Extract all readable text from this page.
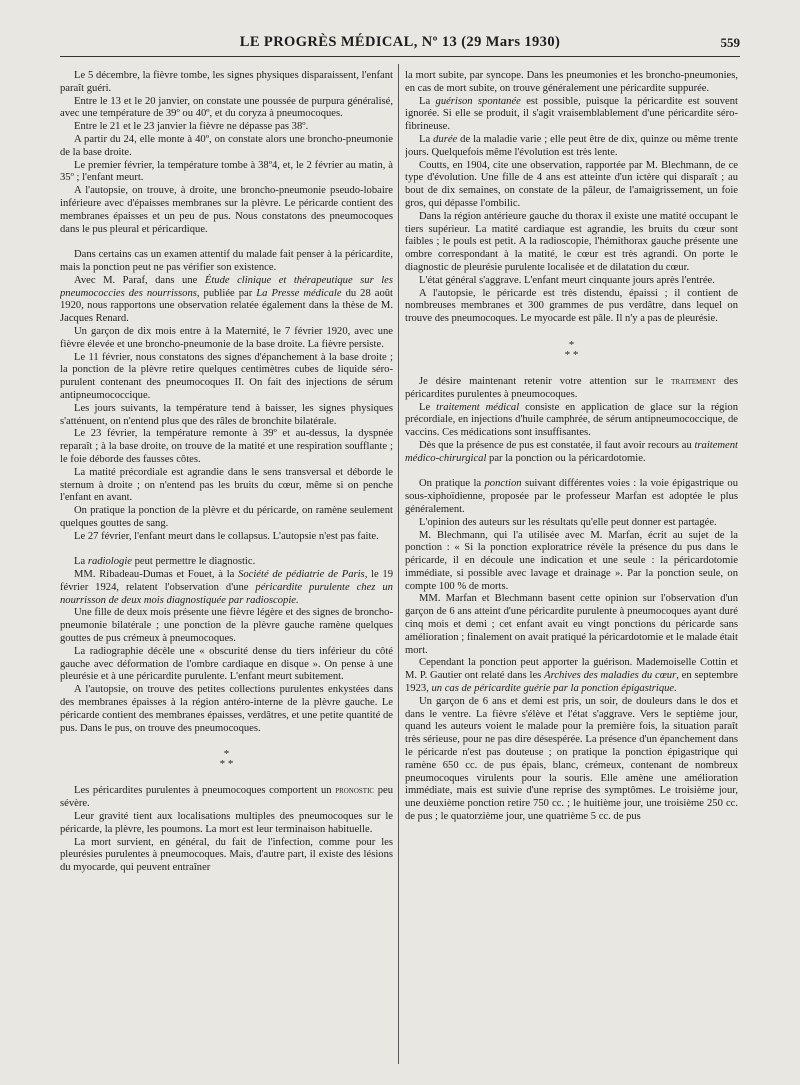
LE PROGRÈS MÉDICAL, Nº 13 (29 Mars 1930)	559

Le 5 décembre, la fièvre tombe, les signes physiques disparaissent, l'enfant paraît guéri.

Entre le 13 et le 20 janvier, on constate une poussée de purpura généralisé, avec une température de 39º ou 40º, et du coryza à pneumocoques.

Entre le 21 et le 23 janvier la fièvre ne dépasse pas 38º.

A partir du 24, elle monte à 40º, on constate alors une broncho-pneumonie de la base droite.

Le premier février, la température tombe à 38º4, et, le 2 février au matin, à 35º ; l'enfant meurt.

A l'autopsie, on trouve, à droite, une broncho-pneumonie pseudo-lobaire inférieure avec d'épaisses membranes sur la plèvre. Le péricarde contient des membranes épaisses et un peu de pus. Nous constatons des pneumocoques dans le pus pleural et péricardique.

Dans certains cas un examen attentif du malade fait penser à la péricardite, mais la ponction peut ne pas vérifier son existence.

Avec M. Paraf, dans une Étude clinique et thérapeutique sur les pneumococcies des nourrissons, publiée par La Presse médicale du 28 août 1920, nous rapportons une observation relatée également dans la thèse de M. Jacques Renard.

Un garçon de dix mois entre à la Maternité, le 7 février 1920, avec une fièvre élevée et une broncho-pneumonie de la base droite. La fièvre persiste.

Le 11 février, nous constatons des signes d'épanchement à la base droite ; la ponction de la plèvre retire quelques centimètres cubes de liquide séro-purulent contenant des pneumocoques II. On fait des injections de sérum antipneumococcique.

Les jours suivants, la température tend à baisser, les signes physiques s'atténuent, on n'entend plus que des râles de bronchite bilatérale.

Le 23 février, la température remonte à 39º et au-dessus, la dyspnée reparaît ; à la base droite, on trouve de la matité et une respiration soufflante ; le foie déborde des fausses côtes.

La matité précordiale est agrandie dans le sens transversal et déborde le sternum à droite ; on n'entend pas les bruits du cœur, même si on penche l'enfant en avant.

On pratique la ponction de la plèvre et du péricarde, on ramène seulement quelques gouttes de sang.

Le 27 février, l'enfant meurt dans le collapsus. L'autopsie n'est pas faite.

La radiologie peut permettre le diagnostic.

MM. Ribadeau-Dumas et Fouet, à la Société de pédiatrie de Paris, le 19 février 1924, relatent l'observation d'une péricardite purulente chez un nourrisson de deux mois diagnostiquée par radioscopie.

Une fille de deux mois présente une fièvre légère et des signes de broncho-pneumonie bilatérale ; une ponction de la plèvre gauche ramène quelques gouttes de pus crémeux à pneumocoques.

La radiographie décèle une « obscurité dense du tiers inférieur du côté gauche avec déformation de l'ombre cardiaque en disque ». On pense à une pleurésie et à une péricardite purulente. L'enfant meurt subitement.

A l'autopsie, on trouve des petites collections purulentes enkystées dans des membranes épaisses à la région antéro-interne de la plèvre gauche. Le péricarde contient des membranes épaisses, verdâtres, et une petite quantité de pus. Dans le pus, on trouve des pneumocoques.

*
* *

Les péricardites purulentes à pneumocoques comportent un pronostic peu sévère.

Leur gravité tient aux localisations multiples des pneumocoques sur le péricarde, la plèvre, les poumons. La mort est leur terminaison habituelle.

La mort survient, en général, du fait de l'infection, comme pour les pleurésies purulentes à pneumocoques. Mais, d'autre part, il existe des lésions du myocarde, qui peuvent entraîner

la mort subite, par syncope. Dans les pneumonies et les broncho-pneumonies, en cas de mort subite, on trouve généralement une péricardite suppurée.

La guérison spontanée est possible, puisque la péricardite est souvent ignorée. Si elle se produit, il s'agit vraisemblablement d'une péricardite séro-fibrineuse.

La durée de la maladie varie ; elle peut être de dix, quinze ou même trente jours. Quelquefois même l'évolution est très lente.

Coutts, en 1904, cite une observation, rapportée par M. Blechmann, de ce type d'évolution. Une fille de 4 ans est atteinte d'un ictère qui disparaît ; au bout de dix semaines, on constate de la pâleur, de l'amaigrissement, un foie gros, qui dépasse l'ombilic.

Dans la région antérieure gauche du thorax il existe une matité occupant le tiers supérieur. La matité cardiaque est agrandie, les bruits du cœur sont faibles ; le pouls est petit. A la radioscopie, l'hémithorax gauche présente une ombre correspondant à la matité, le cœur est très agrandi. On porte le diagnostic de pleurésie purulente localisée et de dilatation du cœur.

L'état général s'aggrave. L'enfant meurt cinquante jours après l'entrée.

A l'autopsie, le péricarde est très distendu, épaissi ; il contient de nombreuses membranes et 300 grammes de pus verdâtre, dans lequel on trouve des pneumocoques. Le myocarde est pâle. Il n'y a pas de pleurésie.

*
* *

Je désire maintenant retenir votre attention sur le traitement des péricardites purulentes à pneumocoques.

Le traitement médical consiste en application de glace sur la région précordiale, en injections d'huile camphrée, de sérum antipneumococcique, de vaccins. Ces médications sont insuffisantes.

Dès que la présence de pus est constatée, il faut avoir recours au traitement médico-chirurgical par la ponction ou la péricardotomie.

On pratique la ponction suivant différentes voies : la voie épigastrique ou sous-xiphoïdienne, proposée par le professeur Marfan est adoptée le plus généralement.

L'opinion des auteurs sur les résultats qu'elle peut donner est partagée.

M. Blechmann, qui l'a utilisée avec M. Marfan, écrit au sujet de la ponction : « Si la ponction exploratrice révèle la présence du pus dans le péricarde, il en découle une indication et une seule : la péricardotomie immédiate, si possible avec lavage et drainage ». Par la ponction seule, on compte 100 % de morts.

MM. Marfan et Blechmann basent cette opinion sur l'observation d'un garçon de 6 ans atteint d'une péricardite purulente à pneumocoques ayant duré cinq mois et demi ; cet enfant avait eu vingt ponctions du péricarde sans amélioration ; finalement on avait pratiqué la péricardotomie et le malade était mort.

Cependant la ponction peut apporter la guérison. Mademoiselle Cottin et M. P. Gautier ont relaté dans les Archives des maladies du cœur, en septembre 1923, un cas de péricardite guérie par la ponction épigastrique.

Un garçon de 6 ans et demi est pris, un soir, de douleurs dans le dos et dans le ventre. La fièvre s'élève et l'état s'aggrave. Vers le septième jour, quand les auteurs voient le malade pour la première fois, la situation paraît très sérieuse, pour ne pas dire désespérée. La présence d'un épanchement dans le péricarde n'est pas douteuse ; on pratique la ponction épigastrique qui ramène 650 cc. de pus épais, blanc, crémeux, contenant de nombreux pneumocoques virulents pour la souris. Elle amène une amélioration immédiate, mais est suivie d'une reprise des symptômes. Le troisième jour, une deuxième ponction retire 750 cc. ; le huitième jour, une troisième 250 cc. de pus ; le quatorzième jour, une quatrième 5 cc. de pus
